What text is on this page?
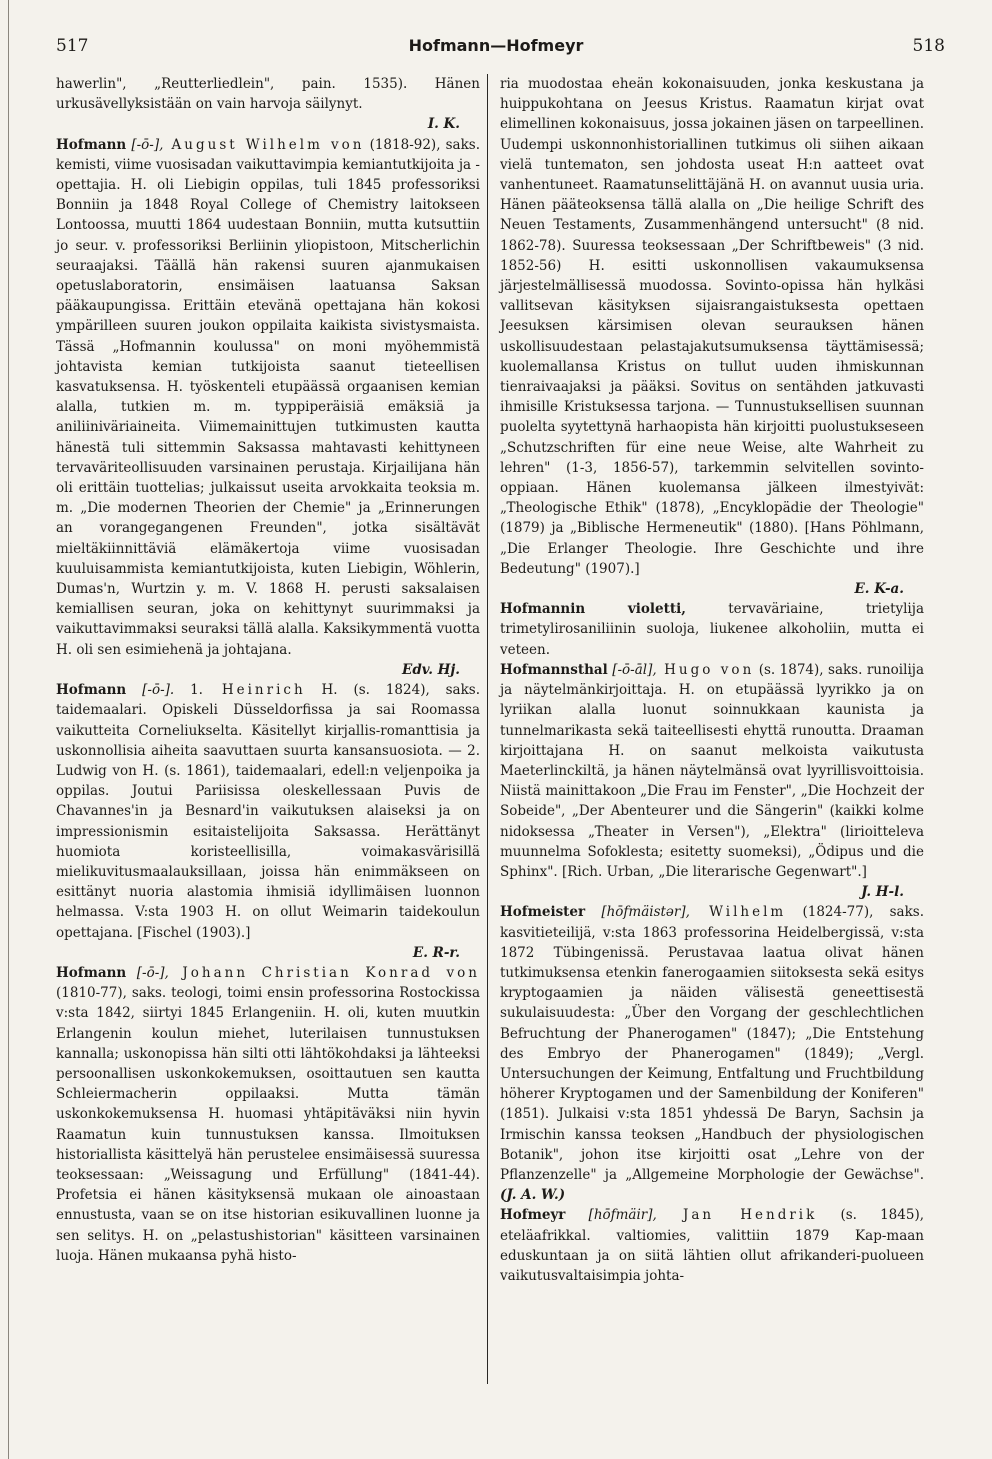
517	Hofmann—Hofmeyr	518

hawerlin", „Reutterliedlein", pain. 1535). Hänen urkusävellyksistään on vain harvoja säilynyt.
I. K.

Hofmann [-ō-], August Wilhelm von (1818-92), saks. kemisti, viime vuosisadan vaikuttavimpia kemiantutkijoita ja -opettajia. H. oli Liebigin oppilas, tuli 1845 professoriksi Bonniin ja 1848 Royal College of Chemistry laitokseen Lontoossa, muutti 1864 uudestaan Bonniin, mutta kutsuttiin jo seur. v. professoriksi Berliinin yliopistoon, Mitscherlichin seuraajaksi. Täällä hän rakensi suuren ajanmukaisen opetuslaboratorin, ensimäisen laatuansa Saksan pääkaupungissa. Erittäin etevänä opettajana hän kokosi ympärilleen suuren joukon oppilaita kaikista sivistysmaista. Tässä „Hofmannin koulussa" on moni myöhemmistä johtavista kemian tutkijoista saanut tieteellisen kasvatuksensa. H. työskenteli etupäässä orgaanisen kemian alalla, tutkien m. m. typpiperäisiä emäksiä ja aniliiniväriaineita. Viimemainittujen tutkimusten kautta hänestä tuli sittemmin Saksassa mahtavasti kehittyneen tervaväriteollisuuden varsinainen perustaja. Kirjailijana hän oli erittäin tuottelias; julkaissut useita arvokkaita teoksia m. m. „Die modernen Theorien der Chemie" ja „Erinnerungen an vorangegangenen Freunden", jotka sisältävät mieltäkiinnittäviä elämäkertoja viime vuosisadan kuuluisammista kemiantutkijoista, kuten Liebigin, Wöhlerin, Dumas'n, Wurtzin y. m. V. 1868 H. perusti saksalaisen kemiallisen seuran, joka on kehittynyt suurimmaksi ja vaikuttavimmaksi seuraksi tällä alalla. Kaksikymmentä vuotta H. oli sen esimiehenä ja johtajana.
Edv. Hj.

Hofmann [-ō-]. 1. Heinrich H. (s. 1824), saks. taidemaalari. Opiskeli Düsseldorfissa ja sai Roomassa vaikutteita Corneliukselta. Käsitellyt kirjallis-romanttisia ja uskonnollisia aiheita saavuttaen suurta kansansuosiota. — 2. Ludwig von H. (s. 1861), taidemaalari, edell:n veljenpoika ja oppilas. Joutui Pariisissa oleskellessaan Puvis de Chavannes'in ja Besnard'in vaikutuksen alaiseksi ja on impressionismin esitaistelijoita Saksassa. Herättänyt huomiota koristeellisilla, voimakasvärisillä mielikuvitusmaalauksillaan, joissa hän enimmäkseen on esittänyt nuoria alastomia ihmisiä idyllimäisen luonnon helmassa. V:sta 1903 H. on ollut Weimarin taidekoulun opettajana. [Fischel (1903).]
E. R-r.

Hofmann [-ō-], Johann Christian Konrad von (1810-77), saks. teologi, toimi ensin professorina Rostockissa v:sta 1842, siirtyi 1845 Erlangeniin. H. oli, kuten muutkin Erlangenin koulun miehet, luterilaisen tunnustuksen kannalla; uskonopissa hän silti otti lähtökohdaksi ja lähteeksi persoonallisen uskonkokemuksen, osoittautuen sen kautta Schleiermacherin oppilaaksi. Mutta tämän uskonkokemuksensa H. huomasi yhtäpitäväksi niin hyvin Raamatun kuin tunnustuksen kanssa. Ilmoituksen historiallista käsittelyä hän perustelee ensimäisessä suuressa teoksessaan: „Weissagung und Erfüllung" (1841-44). Profetsia ei hänen käsityksensä mukaan ole ainoastaan ennustusta, vaan se on itse historian esikuvallinen luonne ja sen selitys. H. on „pelastushistorian" käsitteen varsinainen luoja. Hänen mukaansa pyhä histo-

ria muodostaa eheän kokonaisuuden, jonka keskustana ja huippukohtana on Jeesus Kristus. Raamatun kirjat ovat elimellinen kokonaisuus, jossa jokainen jäsen on tarpeellinen. Uudempi uskonnonhistoriallinen tutkimus oli siihen aikaan vielä tuntematon, sen johdosta useat H:n aatteet ovat vanhentuneet. Raamatunselittäjänä H. on avannut uusia uria. Hänen pääteoksensa tällä alalla on „Die heilige Schrift des Neuen Testaments, Zusammenhängend untersucht" (8 nid. 1862-78). Suuressa teoksessaan „Der Schriftbeweis" (3 nid. 1852-56) H. esitti uskonnollisen vakaumuksensa järjestelmällisessä muodossa. Sovinto-opissa hän hylkäsi vallitsevan käsityksen sijaisrangaistuksesta opettaen Jeesuksen kärsimisen olevan seurauksen hänen uskollisuudestaan pelastajakutsumuksensa täyttämisessä; kuolemallansa Kristus on tullut uuden ihmiskunnan tienraivaajaksi ja pääksi. Sovitus on sentähden jatkuvasti ihmisille Kristuksessa tarjona. — Tunnustuksellisen suunnan puolelta syytettynä harhaopista hän kirjoitti puolustukseseen „Schutzschriften für eine neue Weise, alte Wahrheit zu lehren" (1-3, 1856-57), tarkemmin selvitellen sovinto-oppiaan. Hänen kuolemansa jälkeen ilmestyivät: „Theologische Ethik" (1878), „Encyklopädie der Theologie" (1879) ja „Biblische Hermeneutik" (1880). [Hans Pöhlmann, „Die Erlanger Theologie. Ihre Geschichte und ihre Bedeutung" (1907).]
E. K-a.

Hofmannin violetti, tervaväriaine, trietylija trimetylirosaniliinin suoloja, liukenee alkoholiin, mutta ei veteen.

Hofmannsthal [-ō-āl], Hugo von (s. 1874), saks. runoilija ja näytelmänkirjoittaja. H. on etupäässä lyyrikko ja on lyriikan alalla luonut soinnukkaan kaunista ja tunnelmarikasta sekä taiteellisesti ehyttä runoutta. Draaman kirjoittajana H. on saanut melkoista vaikutusta Maeterlinckiltä, ja hänen näytelmänsä ovat lyyrillisvoittoisia. Niistä mainittakoon „Die Frau im Fenster", „Die Hochzeit der Sobeide", „Der Abenteurer und die Sängerin" (kaikki kolme nidoksessa „Theater in Versen"), „Elektra" (lirioitteleva muunnelma Sofoklesta; esitetty suomeksi), „Ödipus und die Sphinx". [Rich. Urban, „Die literarische Gegenwart".]
J. H-l.

Hofmeister [hōfmäistər], Wilhelm (1824-77), saks. kasvitieteilijä, v:sta 1863 professorina Heidelbergissä, v:sta 1872 Tübingenissä. Perustavaa laatua olivat hänen tutkimuksensa etenkin fanerogaamien siitoksesta sekä esitys kryptogaamien ja näiden välisestä geneettisestä sukulaisuudesta: „Über den Vorgang der geschlechtlichen Befruchtung der Phanerogamen" (1847); „Die Entstehung des Embryo der Phanerogamen" (1849); „Vergl. Untersuchungen der Keimung, Entfaltung und Fruchtbildung höherer Kryptogamen und der Samenbildung der Koniferen" (1851). Julkaisi v:sta 1851 yhdessä De Baryn, Sachsin ja Irmischin kanssa teoksen „Handbuch der physiologischen Botanik", johon itse kirjoitti osat „Lehre von der Pflanzenzelle" ja „Allgemeine Morphologie der Gewächse". (J. A. W.)

Hofmeyr [hōfmäir], Jan Hendrik (s. 1845), eteläafrikkal. valtiomies, valittiin 1879 Kap-maan eduskuntaan ja on siitä lähtien ollut afrikanderi-puolueen vaikutusvaltaisimpia johta-
